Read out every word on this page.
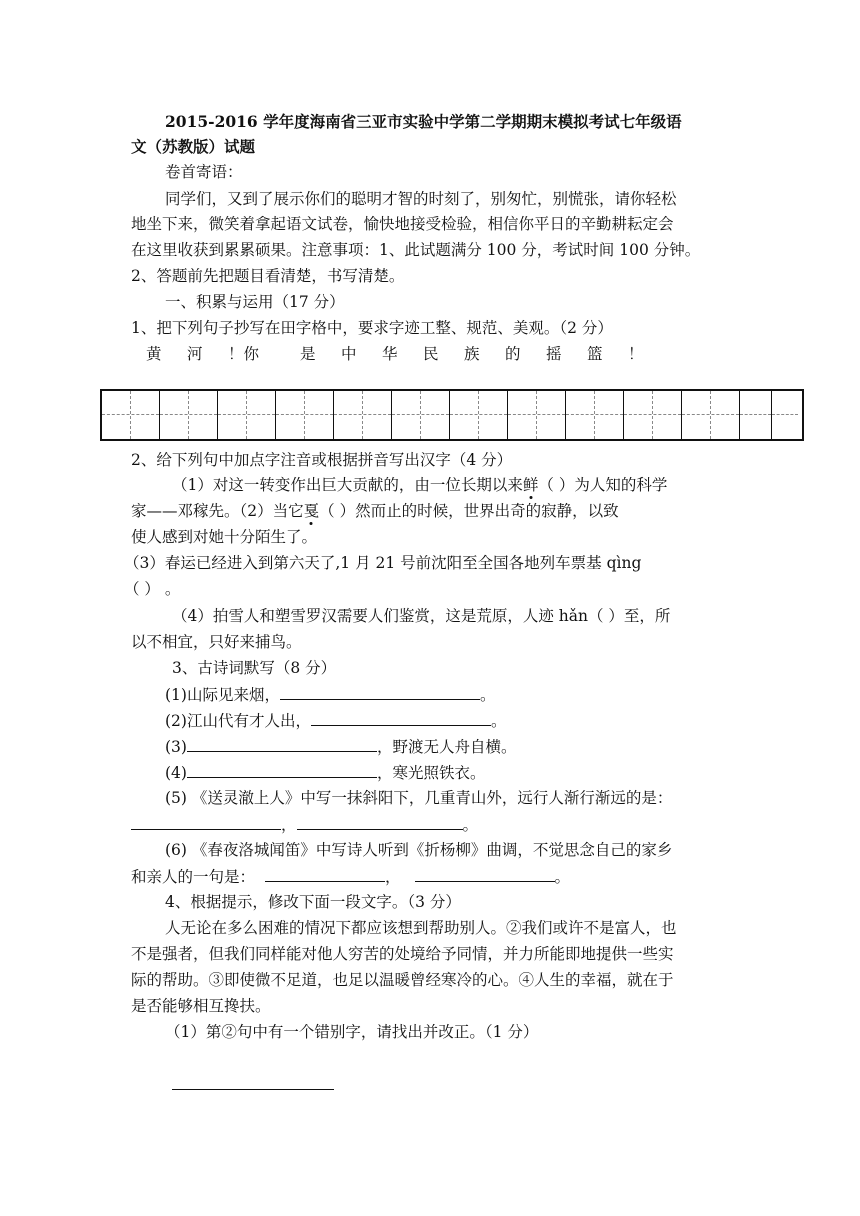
2015-2016 学年度海南省三亚市实验中学第二学期期末模拟考试七年级语
文（苏教版）试题
卷首寄语：
同学们，又到了展示你们的聪明才智的时刻了，别匆忙，别慌张，请你轻松
地坐下来，微笑着拿起语文试卷，愉快地接受检验，相信你平日的辛勤耕耘定会
在这里收获到累累硕果。注意事项：1、此试题满分 100 分，考试时间 100 分钟。
2、答题前先把题目看清楚，书写清楚。
一、积累与运用（17 分）
1、把下列句子抄写在田字格中，要求字迹工整、规范、美观。（2 分）
黄 河 ！你	是 中 华 民 族 的 摇 篮 ！
2、给下列句中加点字注音或根据拼音写出汉字（4 分）
（1）对这一转变作出巨大贡献的，由一位长期以来鲜（ ）为人知的科学
家——邓稼先。（2）当它戛（ ）然而止的时候，世界出奇的寂静，以致
使人感到对她十分陌生了。
（3）春运已经进入到第六天了,1 月 21 号前沈阳至全国各地列车票基 qìng
（ ） 。
（4）拍雪人和塑雪罗汉需要人们鉴赏，这是荒原，人迹 hǎn（ ）至，所
以不相宜，只好来捕鸟。
3、古诗词默写（8 分）
(1)山际见来烟，	。
(2)江山代有才人出，	。
(3)	，野渡无人舟自横。
(4)	，寒光照铁衣。
(5) 《送灵澈上人》中写一抹斜阳下，几重青山外，远行人渐行渐远的是：
，	。
(6) 《春夜洛城闻笛》中写诗人听到《折杨柳》曲调，不觉思念自己的家乡
和亲人的一句是：	，	。
4、根据提示，修改下面一段文字。（3 分）
人无论在多么困难的情况下都应该想到帮助别人。②我们或许不是富人，也
不是强者，但我们同样能对他人穷苦的处境给予同情，并力所能即地提供一些实
际的帮助。③即使微不足道，也足以温暖曾经寒冷的心。④人生的幸福，就在于
是否能够相互搀扶。
（1）第②句中有一个错别字，请找出并改正。（1 分）
